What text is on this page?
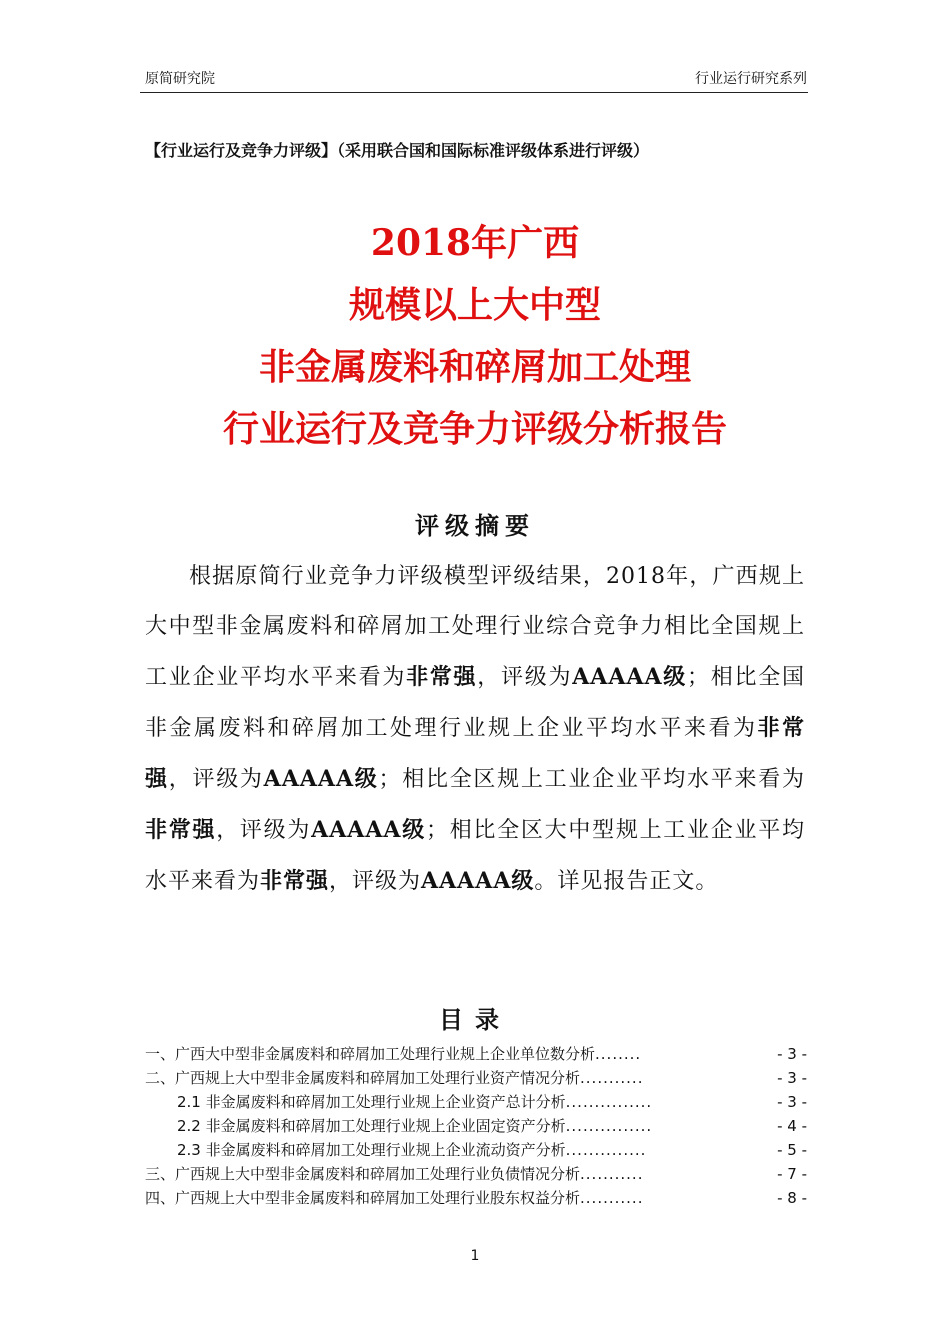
原简研究院	行业运行研究系列
【行业运行及竞争力评级】（采用联合国和国际标准评级体系进行评级）
2018年广西
规模以上大中型
非金属废料和碎屑加工处理
行业运行及竞争力评级分析报告
评级摘要
根据原简行业竞争力评级模型评级结果，2018年，广西规上大中型非金属废料和碎屑加工处理行业综合竞争力相比全国规上工业企业平均水平来看为非常强，评级为AAAAA级；相比全国非金属废料和碎屑加工处理行业规上企业平均水平来看为非常强，评级为AAAAA级；相比全区规上工业企业平均水平来看为非常强，评级为AAAAA级；相比全区大中型规上工业企业平均水平来看为非常强，评级为AAAAA级。详见报告正文。
目录
一、广西大中型非金属废料和碎屑加工处理行业规上企业单位数分析 ........	- 3 -
二、广西规上大中型非金属废料和碎屑加工处理行业资产情况分析 ...........	- 3 -
2.1 非金属废料和碎屑加工处理行业规上企业资产总计分析 ...............	- 3 -
2.2 非金属废料和碎屑加工处理行业规上企业固定资产分析 ...............	- 4 -
2.3 非金属废料和碎屑加工处理行业规上企业流动资产分析 ..............	- 5 -
三、广西规上大中型非金属废料和碎屑加工处理行业负债情况分析 ...........	- 7 -
四、广西规上大中型非金属废料和碎屑加工处理行业股东权益分析 ...........	- 8 -
1
